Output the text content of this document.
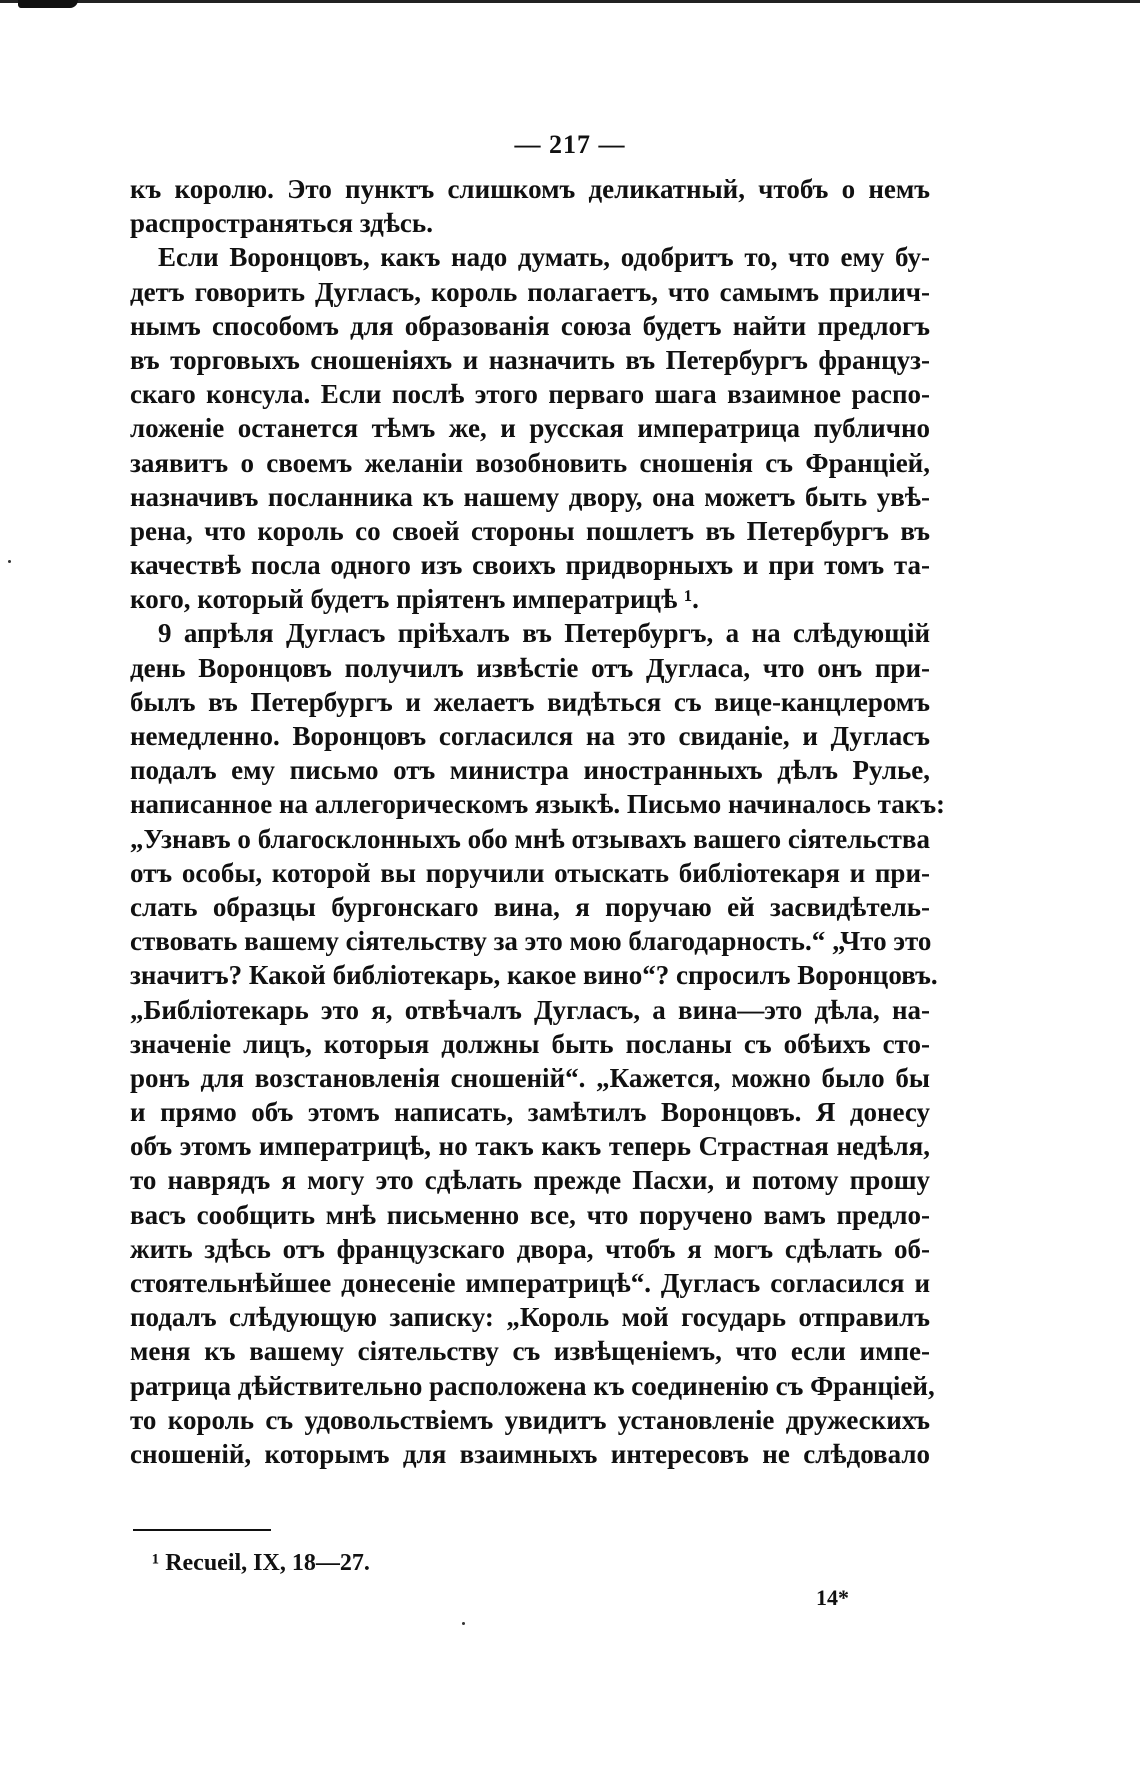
— 217 —
къ королю. Это пунктъ слишкомъ деликатный, чтобъ о немъ
распространяться здѣсь.
Если Воронцовъ, какъ надо думать, одобритъ то, что ему бу-
детъ говорить Дугласъ, король полагаетъ, что самымъ прилич-
нымъ способомъ для образованія союза будетъ найти предлогъ
въ торговыхъ сношеніяхъ и назначить въ Петербургъ француз-
скаго консула. Если послѣ этого перваго шага взаимное распо-
ложеніе останется тѣмъ же, и русская императрица публично
заявитъ о своемъ желаніи возобновить сношенія съ Франціей,
назначивъ посланника къ нашему двору, она можетъ быть увѣ-
рена, что король со своей стороны пошлетъ въ Петербургъ въ
качествѣ посла одного изъ своихъ придворныхъ и при томъ та-
кого, который будетъ пріятенъ императрицѣ ¹.
9 апрѣля Дугласъ пріѣхалъ въ Петербургъ, а на слѣдующій
день Воронцовъ получилъ извѣстіе отъ Дугласа, что онъ при-
былъ въ Петербургъ и желаетъ видѣться съ вице-канцлеромъ
немедленно. Воронцовъ согласился на это свиданіе, и Дугласъ
подалъ ему письмо отъ министра иностранныхъ дѣлъ Рулье,
написанное на аллегорическомъ языкѣ. Письмо начиналось такъ:
„Узнавъ о благосклонныхъ обо мнѣ отзывахъ вашего сіятельства
отъ особы, которой вы поручили отыскать библіотекаря и при-
слать образцы бургонскаго вина, я поручаю ей засвидѣтель-
ствовать вашему сіятельству за это мою благодарность.“ „Что это
значитъ? Какой библіотекарь, какое вино“? спросилъ Воронцовъ.
„Библіотекарь это я, отвѣчалъ Дугласъ, а вина—это дѣла, на-
значеніе лицъ, которыя должны быть посланы съ обѣихъ сто-
ронъ для возстановленія сношеній“. „Кажется, можно было бы
и прямо объ этомъ написать, замѣтилъ Воронцовъ. Я донесу
объ этомъ императрицѣ, но такъ какъ теперь Страстная недѣля,
то наврядъ я могу это сдѣлать прежде Пасхи, и потому прошу
васъ сообщить мнѣ письменно все, что поручено вамъ предло-
жить здѣсь отъ французскаго двора, чтобъ я могъ сдѣлать об-
стоятельнѣйшее донесеніе императрицѣ“. Дугласъ согласился и
подалъ слѣдующую записку: „Король мой государь отправилъ
меня къ вашему сіятельству съ извѣщеніемъ, что если импе-
ратрица дѣйствительно расположена къ соединенію съ Франціей,
то король съ удовольствіемъ увидитъ установленіе дружескихъ
сношеній, которымъ для взаимныхъ интересовъ не слѣдовало
¹ Recueil, IX, 18—27.
14*
